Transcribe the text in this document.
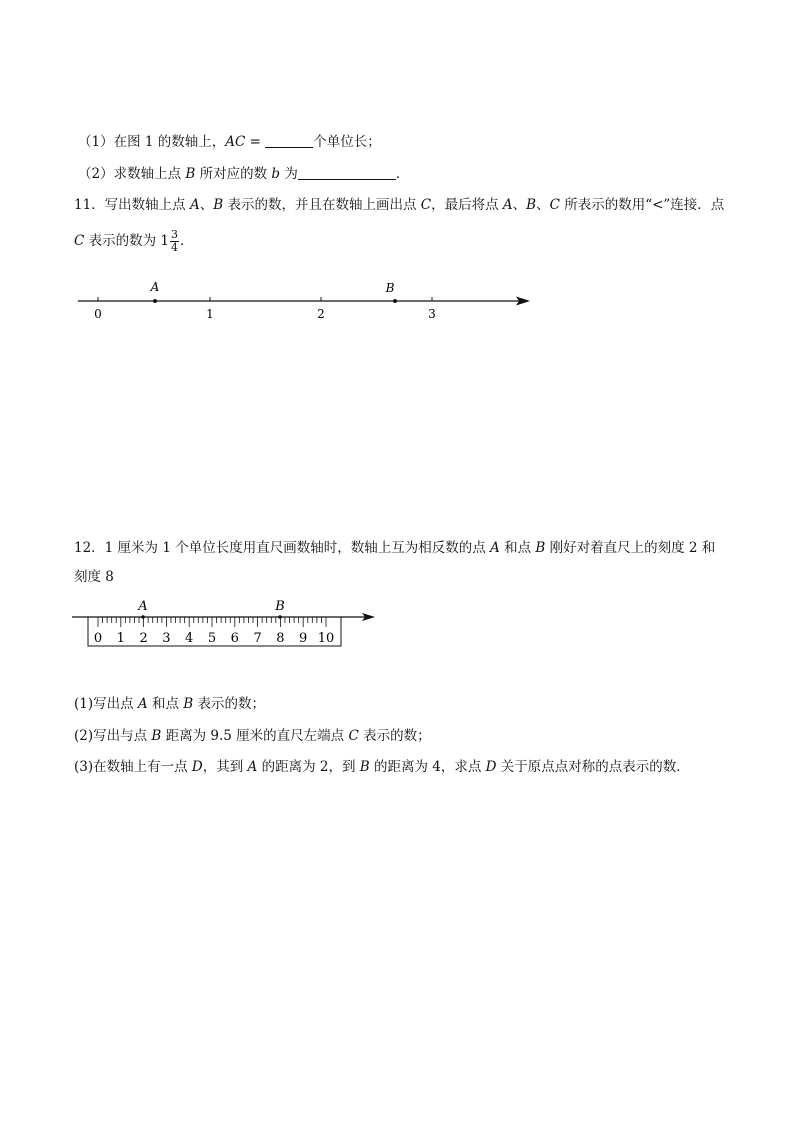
（1）在图 1 的数轴上，AC =	个单位长；
（2）求数轴上点 B 所对应的数 b 为	．
11．写出数轴上点 A、B 表示的数，并且在数轴上画出点 C，最后将点 A、B、C 所表示的数用“<”连接．点
C 表示的数为 $1 \frac{3}{4}$ ．
A	B
0	1	2	3
12．1 厘米为 1 个单位长度用直尺画数轴时，数轴上互为相反数的点 A 和点 B 刚好对着直尺上的刻度 2 和
刻度 8
A	B
0 1 2 3 4 5 6 7 8 9 10
(1)写出点 A 和点 B 表示的数；
(2)写出与点 B 距离为 9.5 厘米的直尺左端点 C 表示的数；
(3)在数轴上有一点 D，其到 A 的距离为 2，到 B 的距离为 4，求点 D 关于原点点对称的点表示的数．
